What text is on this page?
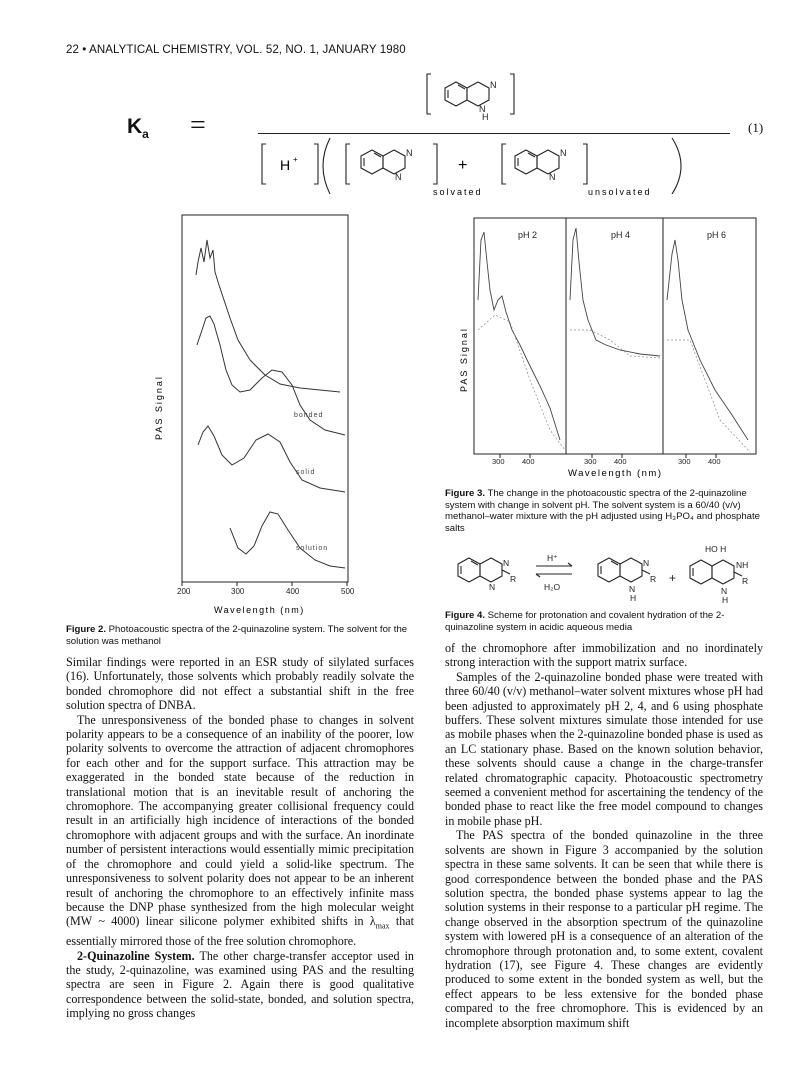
22 • ANALYTICAL CHEMISTRY, VOL. 52, NO. 1, JANUARY 1980
$K_a$ =	(1)
N
N
H
N
N
N
N
H +	+
solvated	unsolvated
bonded
solid
solution
200	300	400	500
Wavelength (nm)
PAS Signal
Figure 2. Photoacoustic spectra of the 2-quinazoline system. The solvent for the solution was methanol
pH 2	pH 4	pH 6
300 400	300 400	300 400
Wavelength (nm)
PAS Signal
Figure 3. The change in the photoacoustic spectra of the 2-quinazoline system with change in solvent pH. The solvent system is a 60/40 (v/v) methanol–water mixture with the pH adjusted using H₃PO₄ and phosphate salts
N
N
R
H⁺
H₂O
N
N
H
R +
HO H
NH
N
H
R
Figure 4. Scheme for protonation and covalent hydration of the 2-quinazoline system in acidic aqueous media

Similar findings were reported in an ESR study of silylated surfaces (16). Unfortunately, those solvents which probably readily solvate the bonded chromophore did not effect a substantial shift in the free solution spectra of DNBA.

The unresponsiveness of the bonded phase to changes in solvent polarity appears to be a consequence of an inability of the poorer, low polarity solvents to overcome the attraction of adjacent chromophores for each other and for the support surface. This attraction may be exaggerated in the bonded state because of the reduction in translational motion that is an inevitable result of anchoring the chromophore. The accompanying greater collisional frequency could result in an artificially high incidence of interactions of the bonded chromophore with adjacent groups and with the surface. An inordinate number of persistent interactions would essentially mimic precipitation of the chromophore and could yield a solid-like spectrum. The unresponsiveness to solvent polarity does not appear to be an inherent result of anchoring the chromophore to an effectively infinite mass because the DNP phase synthesized from the high molecular weight (MW ~ 4000) linear silicone polymer exhibited shifts in $\lambda_{max}$ that essentially mirrored those of the free solution chromophore.

2-Quinazoline System. The other charge-transfer acceptor used in the study, 2-quinazoline, was examined using PAS and the resulting spectra are seen in Figure 2. Again there is good qualitative correspondence between the solid-state, bonded, and solution spectra, implying no gross changes

of the chromophore after immobilization and no inordinately strong interaction with the support matrix surface.

Samples of the 2-quinazoline bonded phase were treated with three 60/40 (v/v) methanol–water solvent mixtures whose pH had been adjusted to approximately pH 2, 4, and 6 using phosphate buffers. These solvent mixtures simulate those intended for use as mobile phases when the 2-quinazoline bonded phase is used as an LC stationary phase. Based on the known solution behavior, these solvents should cause a change in the charge-transfer related chromatographic capacity. Photoacoustic spectrometry seemed a convenient method for ascertaining the tendency of the bonded phase to react like the free model compound to changes in mobile phase pH.

The PAS spectra of the bonded quinazoline in the three solvents are shown in Figure 3 accompanied by the solution spectra in these same solvents. It can be seen that while there is good correspondence between the bonded phase and the PAS solution spectra, the bonded phase systems appear to lag the solution systems in their response to a particular pH regime. The change observed in the absorption spectrum of the quinazoline system with lowered pH is a consequence of an alteration of the chromophore through protonation and, to some extent, covalent hydration (17), see Figure 4. These changes are evidently produced to some extent in the bonded system as well, but the effect appears to be less extensive for the bonded phase compared to the free chromophore. This is evidenced by an incomplete absorption maximum shift
